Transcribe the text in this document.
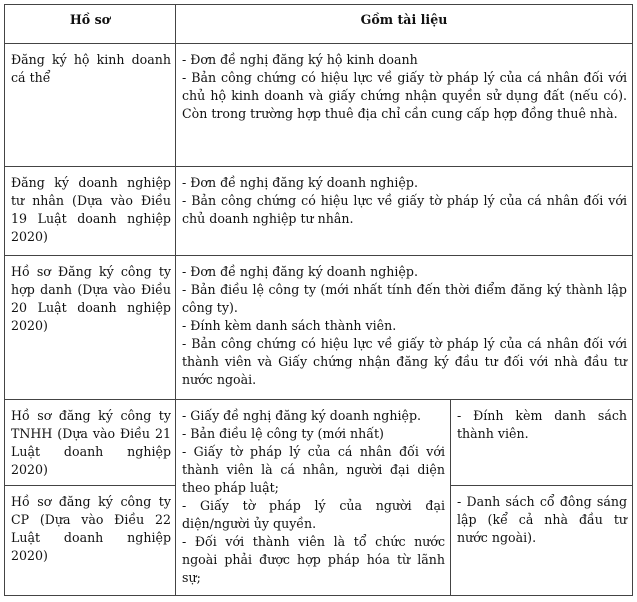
Hồ sơ	Gồm tài liệu	
Đăng ký hộ kinh doanh cá thể	- Đơn đề nghị đăng ký hộ kinh doanh
- Bản công chứng có hiệu lực về giấy tờ pháp lý của cá nhân đối với chủ hộ kinh doanh và giấy chứng nhận quyền sử dụng đất (nếu có). Còn trong trường hợp thuê địa chỉ cần cung cấp hợp đồng thuê nhà.	

Đăng ký doanh nghiệp tư nhân (Dựa vào Điều 19 Luật doanh nghiệp 2020)	- Đơn đề nghị đăng ký doanh nghiệp.
- Bản công chứng có hiệu lực về giấy tờ pháp lý của cá nhân đối với chủ doanh nghiệp tư nhân.	

Hồ sơ Đăng ký công ty hợp danh (Dựa vào Điều 20 Luật doanh nghiệp 2020)	- Đơn đề nghị đăng ký doanh nghiệp.
- Bản điều lệ công ty (mới nhất tính đến thời điểm đăng ký thành lập công ty).
- Đính kèm danh sách thành viên.
- Bản công chứng có hiệu lực về giấy tờ pháp lý của cá nhân đối với thành viên và Giấy chứng nhận đăng ký đầu tư đối với nhà đầu tư nước ngoài.	

Hồ sơ đăng ký công ty TNHH (Dựa vào Điều 21 Luật doanh nghiệp 2020)	- Giấy đề nghị đăng ký doanh nghiệp.
- Bản điều lệ công ty (mới nhất)
- Giấy tờ pháp lý của cá nhân đối với thành viên là cá nhân, người đại diện theo pháp luật;
- Giấy tờ pháp lý của người đại diện/người ủy quyền.
- Đối với thành viên là tổ chức nước ngoài phải được hợp pháp hóa từ lãnh sự;	- Đính kèm danh sách thành viên.
Hồ sơ đăng ký công ty CP (Dựa vào Điều 22 Luật doanh nghiệp 2020)		- Danh sách cổ đông sáng lập (kể cả nhà đầu tư nước ngoài).
